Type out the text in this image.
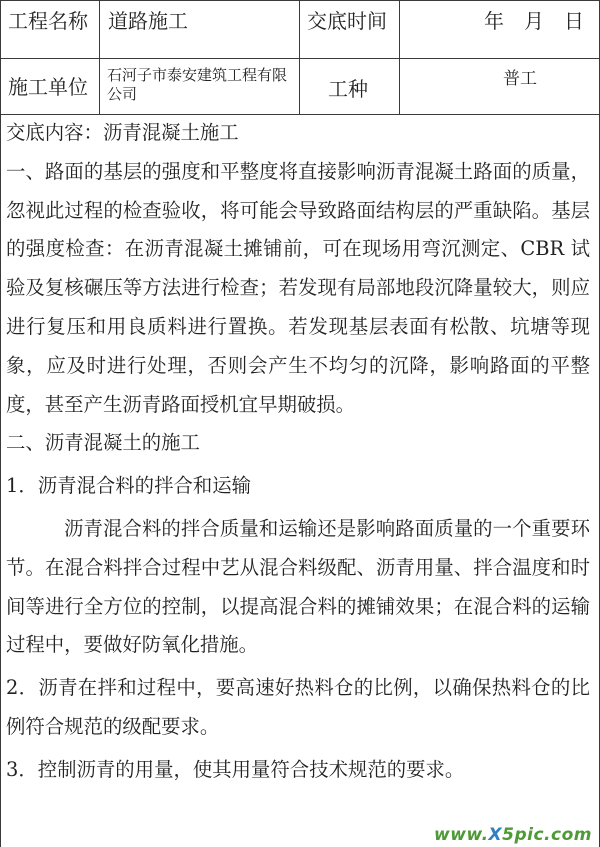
工程名称 道路施工	交底时间	年　月　日
施工单位 石河子市泰安建筑工程有限公司	工种	普工

交底内容：沥青混凝土施工

一、路面的基层的强度和平整度将直接影响沥青混凝土路面的质量，忽视此过程的检查验收，将可能会导致路面结构层的严重缺陷。基层的强度检查：在沥青混凝土摊铺前，可在现场用弯沉测定、CBR 试验及复核碾压等方法进行检查；若发现有局部地段沉降量较大，则应进行复压和用良质料进行置换。若发现基层表面有松散、坑塘等现象，应及时进行处理，否则会产生不均匀的沉降，影响路面的平整度，甚至产生沥青路面授机宜早期破损。

二、沥青混凝土的施工

1．沥青混合料的拌合和运输

沥青混合料的拌合质量和运输还是影响路面质量的一个重要环节。在混合料拌合过程中艺从混合料级配、沥青用量、拌合温度和时间等进行全方位的控制，以提高混合料的摊铺效果；在混合料的运输过程中，要做好防氧化措施。

2．沥青在拌和过程中，要高速好热料仓的比例，以确保热料仓的比例符合规范的级配要求。

3．控制沥青的用量，使其用量符合技术规范的要求。

www.X5pic.com
